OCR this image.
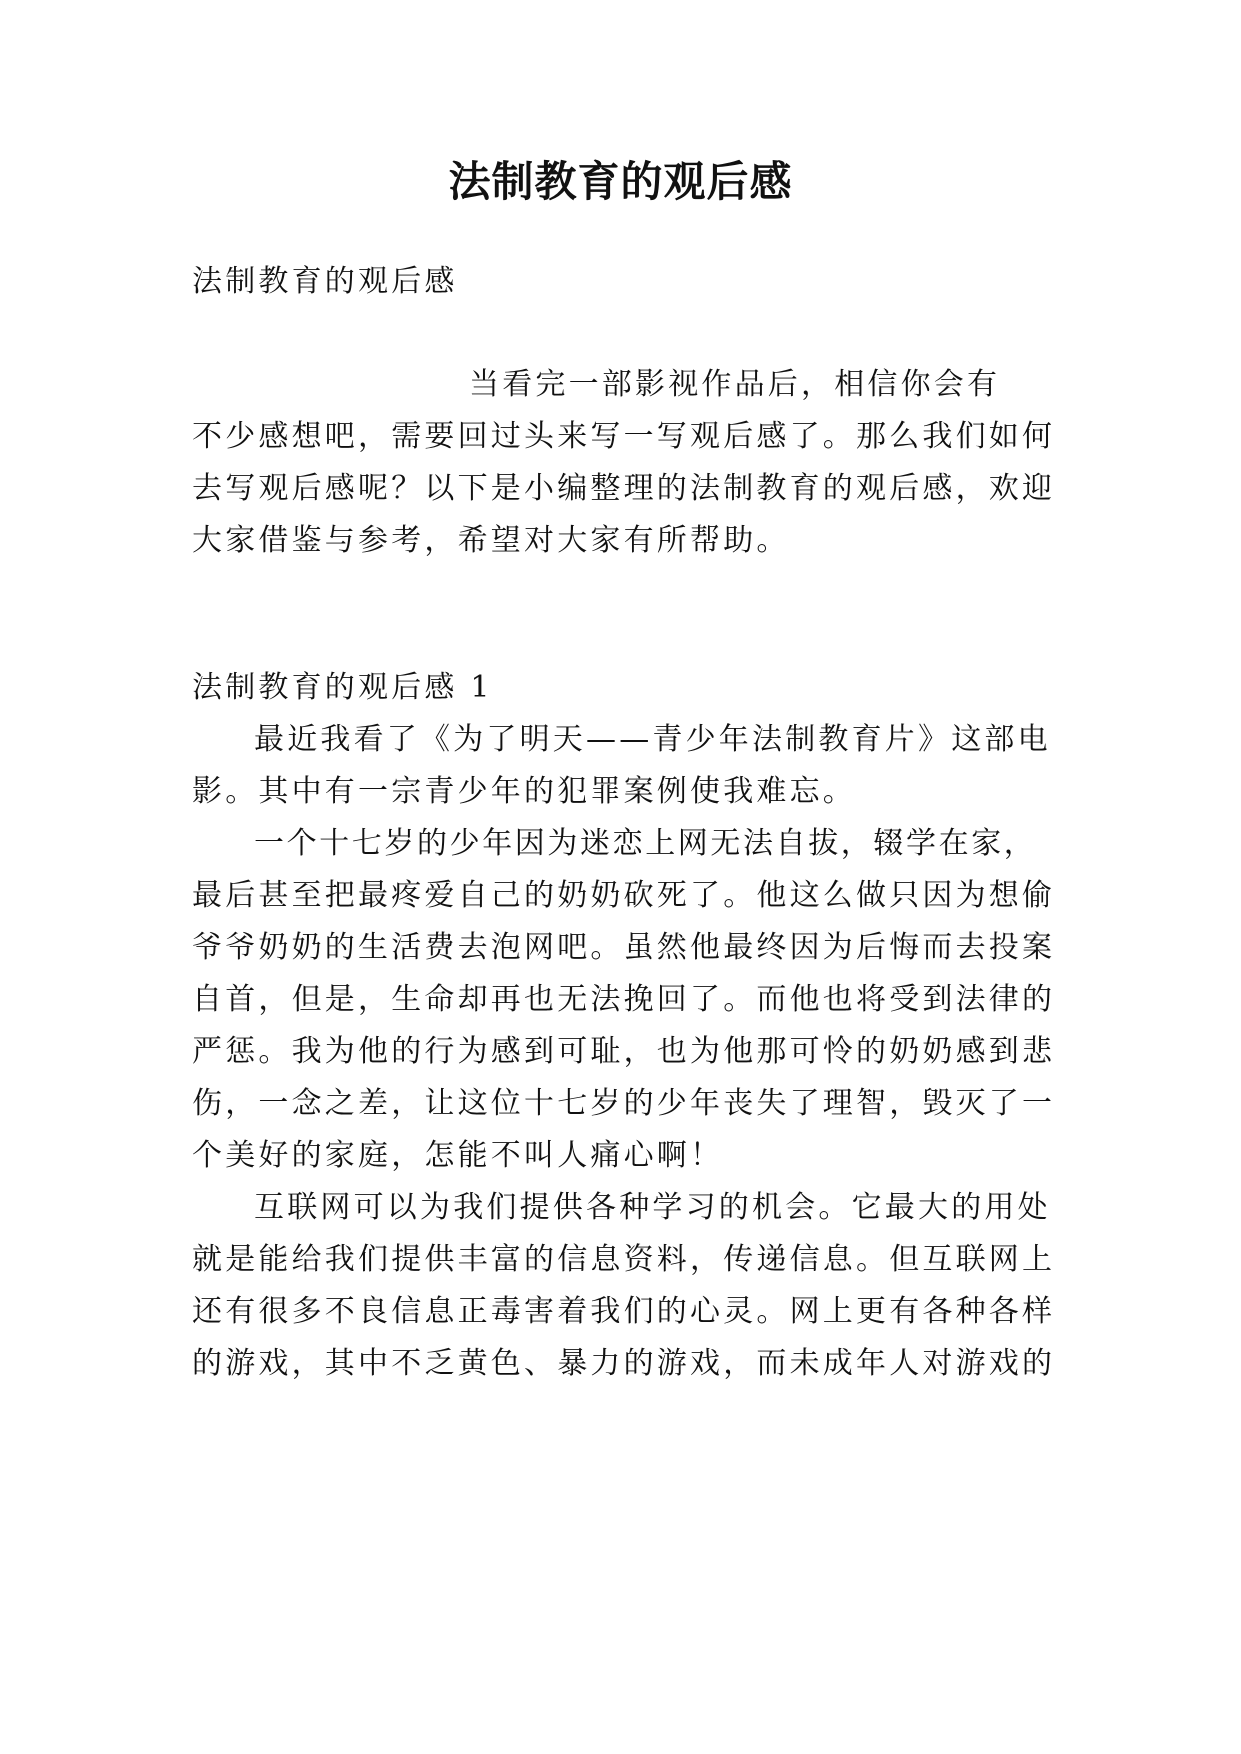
法制教育的观后感

法制教育的观后感

当看完一部影视作品后，相信你会有

不少感想吧，需要回过头来写一写观后感了。那么我们如何

去写观后感呢？以下是小编整理的法制教育的观后感，欢迎

大家借鉴与参考，希望对大家有所帮助。

法制教育的观后感 1

最近我看了《为了明天——青少年法制教育片》这部电

影。其中有一宗青少年的犯罪案例使我难忘。

一个十七岁的少年因为迷恋上网无法自拔，辍学在家，

最后甚至把最疼爱自己的奶奶砍死了。他这么做只因为想偷

爷爷奶奶的生活费去泡网吧。虽然他最终因为后悔而去投案

自首，但是，生命却再也无法挽回了。而他也将受到法律的

严惩。我为他的行为感到可耻，也为他那可怜的奶奶感到悲

伤，一念之差，让这位十七岁的少年丧失了理智，毁灭了一

个美好的家庭，怎能不叫人痛心啊！

互联网可以为我们提供各种学习的机会。它最大的用处

就是能给我们提供丰富的信息资料，传递信息。但互联网上

还有很多不良信息正毒害着我们的心灵。网上更有各种各样

的游戏，其中不乏黄色、暴力的游戏，而未成年人对游戏的
